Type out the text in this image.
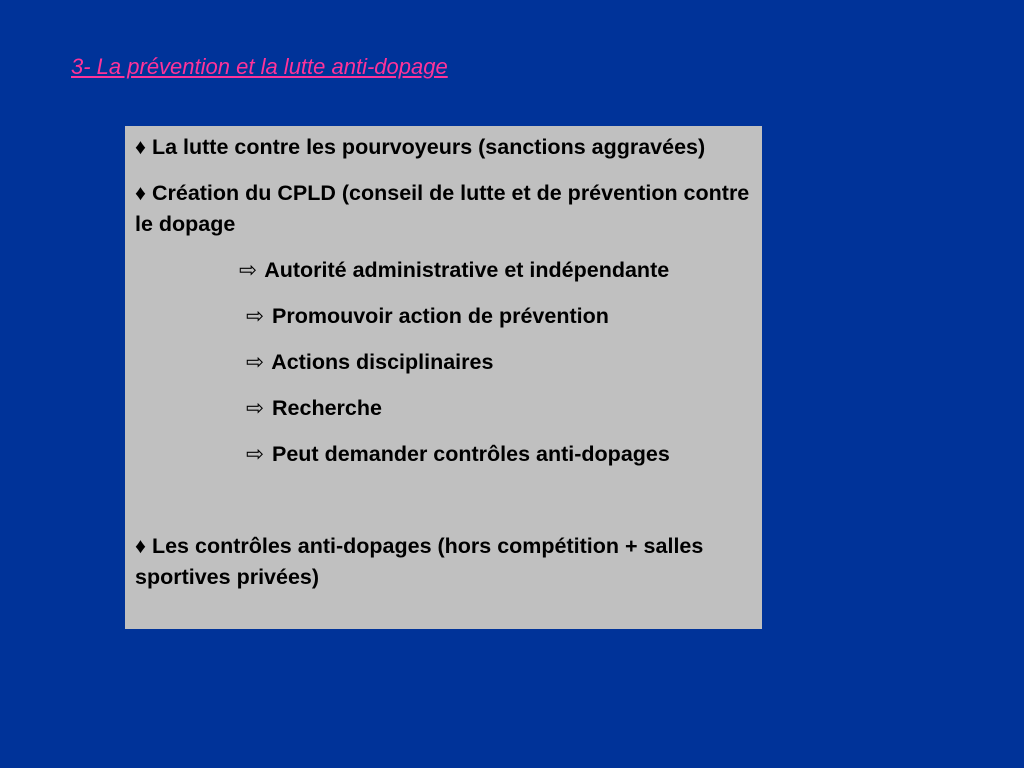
3- La prévention et la lutte anti-dopage

♦ La lutte contre les pourvoyeurs (sanctions aggravées)

♦ Création du CPLD (conseil de lutte et de prévention contre le dopage

⇨ Autorité administrative et indépendante

⇨ Promouvoir action de prévention

⇨ Actions disciplinaires

⇨ Recherche

⇨ Peut demander contrôles anti-dopages

♦ Les contrôles anti-dopages (hors compétition + salles sportives privées)
